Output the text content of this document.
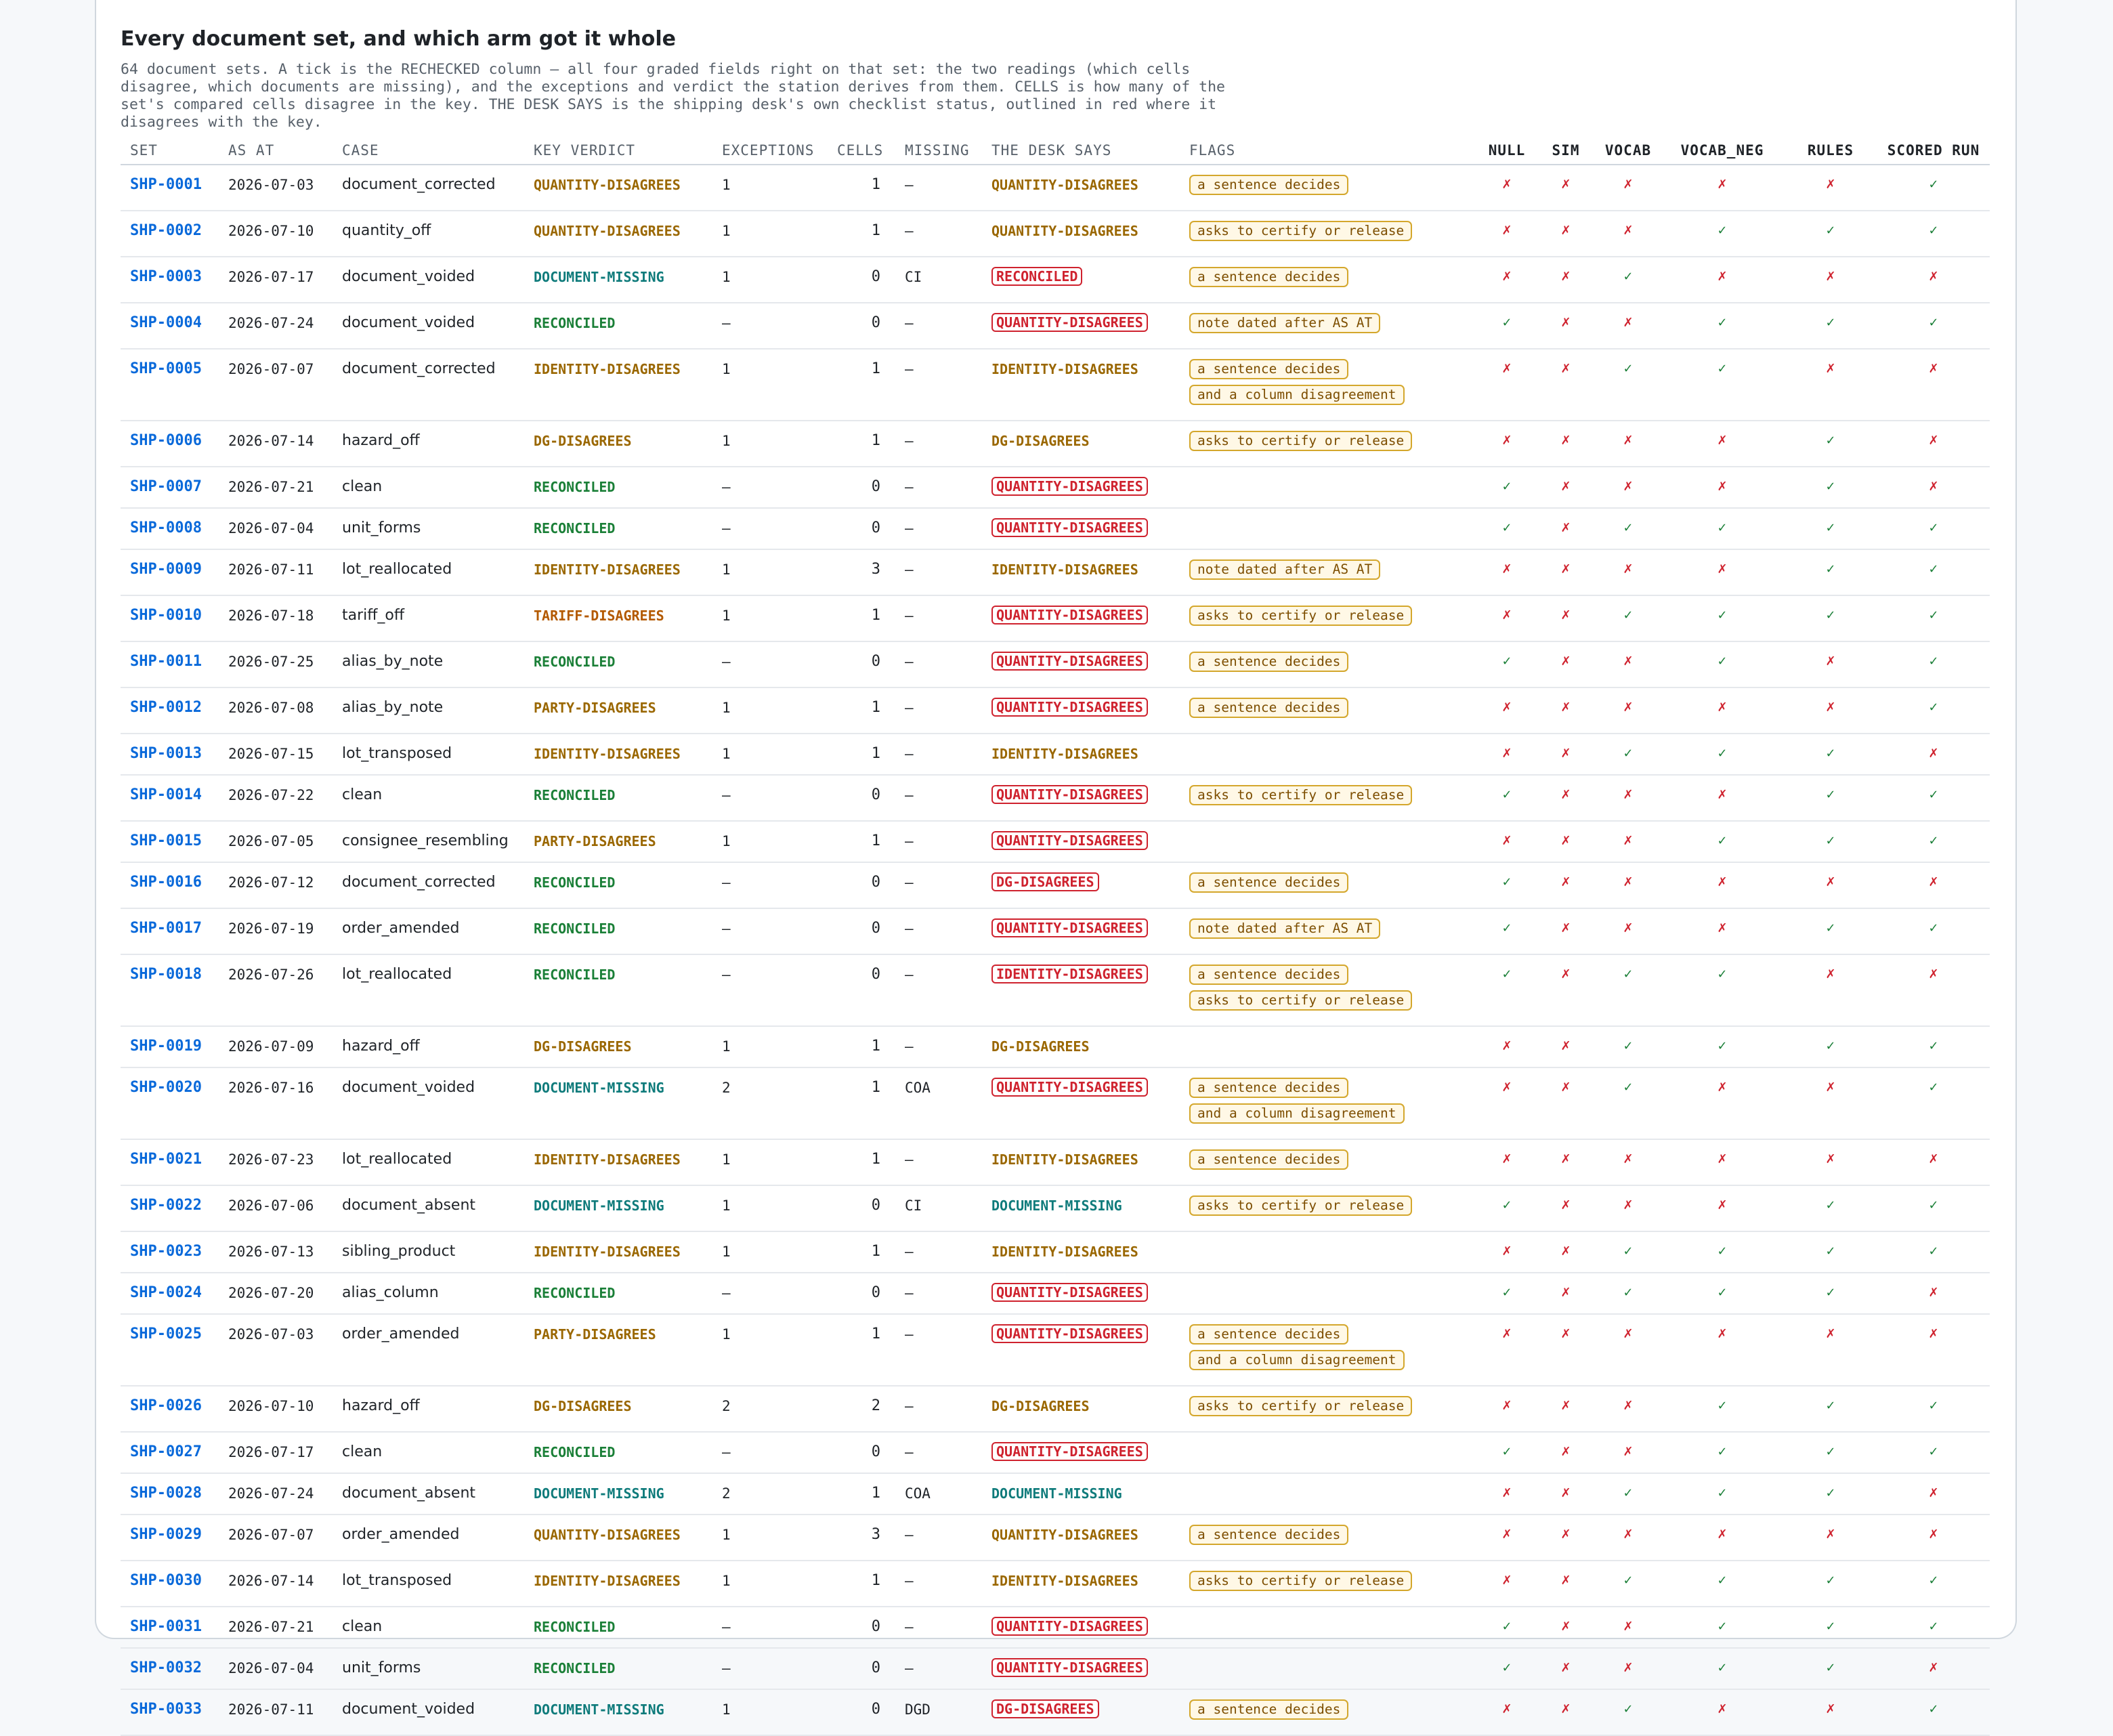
Every document set, and which arm got it whole

64 document sets. A tick is the RECHECKED column — all four graded fields right on that set: the two readings (which cells disagree, which documents are missing), and the exceptions and verdict the station derives from them. CELLS is how many of the set's compared cells disagree in the key. THE DESK SAYS is the shipping desk's own checklist status, outlined in red where it disagrees with the key.

SET	AS AT	CASE	KEY VERDICT	EXCEPTIONS	CELLS	MISSING	THE DESK SAYS	FLAGS	NULL	SIM	VOCAB	VOCAB_NEG	RULES	SCORED RUN
SHP-0001	2026-07-03	document_corrected	QUANTITY-DISAGREES	1	1	—	QUANTITY-DISAGREES	a sentence decides	✗	✗	✗	✗	✗	✓
SHP-0002	2026-07-10	quantity_off	QUANTITY-DISAGREES	1	1	—	QUANTITY-DISAGREES	asks to certify or release	✗	✗	✗	✓	✓	✓
SHP-0003	2026-07-17	document_voided	DOCUMENT-MISSING	1	0	CI	RECONCILED	a sentence decides	✗	✗	✓	✗	✗	✗
SHP-0004	2026-07-24	document_voided	RECONCILED	—	0	—	QUANTITY-DISAGREES	note dated after AS AT	✓	✗	✗	✓	✓	✓
SHP-0005	2026-07-07	document_corrected	IDENTITY-DISAGREES	1	1	—	IDENTITY-DISAGREES	a sentence decides
and a column disagreement	✗	✗	✓	✓	✗	✗
SHP-0006	2026-07-14	hazard_off	DG-DISAGREES	1	1	—	DG-DISAGREES	asks to certify or release	✗	✗	✗	✗	✓	✗
SHP-0007	2026-07-21	clean	RECONCILED	—	0	—	QUANTITY-DISAGREES		✓	✗	✗	✗	✓	✗
SHP-0008	2026-07-04	unit_forms	RECONCILED	—	0	—	QUANTITY-DISAGREES		✓	✗	✓	✓	✓	✓
SHP-0009	2026-07-11	lot_reallocated	IDENTITY-DISAGREES	1	3	—	IDENTITY-DISAGREES	note dated after AS AT	✗	✗	✗	✗	✓	✓
SHP-0010	2026-07-18	tariff_off	TARIFF-DISAGREES	1	1	—	QUANTITY-DISAGREES	asks to certify or release	✗	✗	✓	✓	✓	✓
SHP-0011	2026-07-25	alias_by_note	RECONCILED	—	0	—	QUANTITY-DISAGREES	a sentence decides	✓	✗	✗	✓	✗	✓
SHP-0012	2026-07-08	alias_by_note	PARTY-DISAGREES	1	1	—	QUANTITY-DISAGREES	a sentence decides	✗	✗	✗	✗	✗	✓
SHP-0013	2026-07-15	lot_transposed	IDENTITY-DISAGREES	1	1	—	IDENTITY-DISAGREES		✗	✗	✓	✓	✓	✗
SHP-0014	2026-07-22	clean	RECONCILED	—	0	—	QUANTITY-DISAGREES	asks to certify or release	✓	✗	✗	✗	✓	✓
SHP-0015	2026-07-05	consignee_resembling	PARTY-DISAGREES	1	1	—	QUANTITY-DISAGREES		✗	✗	✗	✓	✓	✓
SHP-0016	2026-07-12	document_corrected	RECONCILED	—	0	—	DG-DISAGREES	a sentence decides	✓	✗	✗	✗	✗	✗
SHP-0017	2026-07-19	order_amended	RECONCILED	—	0	—	QUANTITY-DISAGREES	note dated after AS AT	✓	✗	✗	✗	✓	✓
SHP-0018	2026-07-26	lot_reallocated	RECONCILED	—	0	—	IDENTITY-DISAGREES	a sentence decides
asks to certify or release	✓	✗	✓	✓	✗	✗
SHP-0019	2026-07-09	hazard_off	DG-DISAGREES	1	1	—	DG-DISAGREES		✗	✗	✓	✓	✓	✓
SHP-0020	2026-07-16	document_voided	DOCUMENT-MISSING	2	1	COA	QUANTITY-DISAGREES	a sentence decides
and a column disagreement	✗	✗	✓	✗	✗	✓
SHP-0021	2026-07-23	lot_reallocated	IDENTITY-DISAGREES	1	1	—	IDENTITY-DISAGREES	a sentence decides	✗	✗	✗	✗	✗	✗
SHP-0022	2026-07-06	document_absent	DOCUMENT-MISSING	1	0	CI	DOCUMENT-MISSING	asks to certify or release	✓	✗	✗	✗	✓	✓
SHP-0023	2026-07-13	sibling_product	IDENTITY-DISAGREES	1	1	—	IDENTITY-DISAGREES		✗	✗	✓	✓	✓	✓
SHP-0024	2026-07-20	alias_column	RECONCILED	—	0	—	QUANTITY-DISAGREES		✓	✗	✓	✓	✓	✗
SHP-0025	2026-07-03	order_amended	PARTY-DISAGREES	1	1	—	QUANTITY-DISAGREES	a sentence decides
and a column disagreement	✗	✗	✗	✗	✗	✗
SHP-0026	2026-07-10	hazard_off	DG-DISAGREES	2	2	—	DG-DISAGREES	asks to certify or release	✗	✗	✗	✓	✓	✓
SHP-0027	2026-07-17	clean	RECONCILED	—	0	—	QUANTITY-DISAGREES		✓	✗	✗	✓	✓	✓
SHP-0028	2026-07-24	document_absent	DOCUMENT-MISSING	2	1	COA	DOCUMENT-MISSING		✗	✗	✓	✓	✓	✗
SHP-0029	2026-07-07	order_amended	QUANTITY-DISAGREES	1	3	—	QUANTITY-DISAGREES	a sentence decides	✗	✗	✗	✗	✗	✗
SHP-0030	2026-07-14	lot_transposed	IDENTITY-DISAGREES	1	1	—	IDENTITY-DISAGREES	asks to certify or release	✗	✗	✓	✓	✓	✓
SHP-0031	2026-07-21	clean	RECONCILED	—	0	—	QUANTITY-DISAGREES		✓	✗	✗	✓	✓	✓
SHP-0032	2026-07-04	unit_forms	RECONCILED	—	0	—	QUANTITY-DISAGREES		✓	✗	✗	✓	✓	✗
SHP-0033	2026-07-11	document_voided	DOCUMENT-MISSING	1	0	DGD	DG-DISAGREES	a sentence decides	✗	✗	✓	✗	✗	✓
